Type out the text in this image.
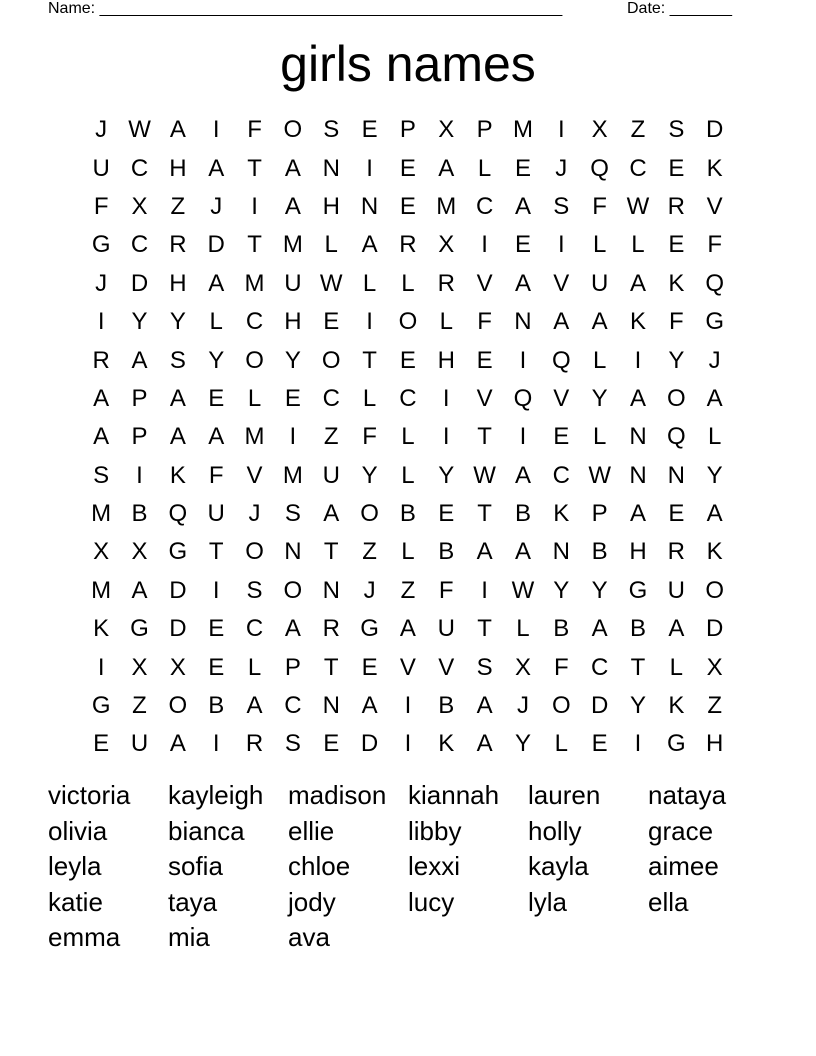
Name: ____________________________________________________	Date: _______
girls names
J W A	I	F O S E P X P M	I	X Z S D
U C H A T A N	I	E A L E	J Q C E K
F X Z	J	I	A H N E M C A S F W R V
G C R D T M L A R X	I	E	I	L	L E F
J D H A M U W L	L R V A V U A K Q
I	Y Y L C H E	I	O L	F N A A K F G
R A S Y O Y O T E H E	I	Q L	I	Y	J
A P A E L E C L C	I	V Q V Y A O A
A P A A M	I	Z F	L	I	T	I	E L N Q L
S	I	K F V M U Y L Y W A C W N N Y
M B Q U J	S A O B E T B K P A E A
X X G T O N T Z	L B A A N B H R K
M A D	I	S O N J	Z F	I W Y Y G U O
K G D E C A R G A U T	L B A B A D
I	X X E L P T E V V S X F C T	L X
G Z O B A C N A	I	B A	J O D Y K Z
E U A	I	R S E D	I	K A Y L E	I	G H
victoria	kayleigh madison kiannah	lauren	nataya
olivia	bianca	ellie	libby	holly	grace
leyla	sofia	chloe	lexxi	kayla	aimee
katie	taya	jody	lucy	lyla	ella
emma	mia	ava
